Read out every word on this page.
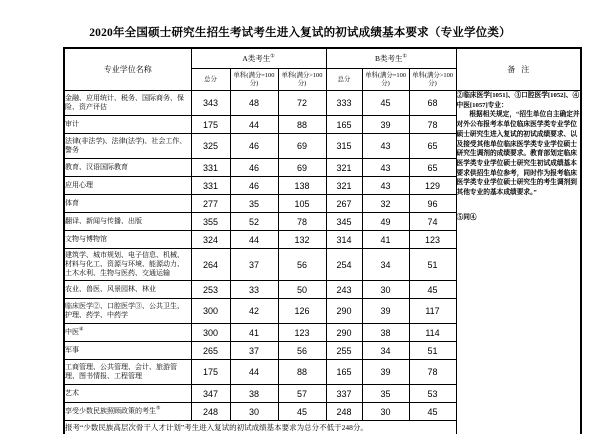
2020年全国硕士研究生招生考试考生进入复试的初试成绩基本要求（专业学位类）
专业学位名称	A类考生①			B类考生①			备注
	总分	单科(满分=100分)	单科(满分>100分)	总分	单科(满分=100分)	单科(满分>100分)	
金融、应用统计、税务、国际商务、保险、资产评估	343	48	72	333	45	68	②临床医学[1051]、③口腔医学[1052]、④中医[1057]专业：

根据相关规定，“招生单位自主确定并对外公布报考本单位临床医学类专业学位硕士研究生进入复试的初试成绩要求、以及接受其他单位临床医学类专业学位硕士研究生调剂的成绩要求。教育部划定临床医学类专业学位硕士研究生初试成绩基本要求供招生单位参考，同时作为报考临床医学类专业学位硕士研究生的考生调剂到其他专业的基本成绩要求。”

⑤同④

审计	175	44	88	165	39	78	
法律(非法学)、法律(法学)、社会工作、警务	325	46	69	315	43	65	
教育、汉语国际教育	331	46	69	321	43	65	
应用心理	331	46	138	321	43	129	
体育	277	35	105	267	32	96	
翻译、新闻与传播、出版	355	52	78	345	49	74	
文物与博物馆	324	44	132	314	41	123	
建筑学、城市规划、电子信息、机械、材料与化工、资源与环境、能源动力、土木水利、生物与医药、交通运输	264	37	56	254	34	51	
农业、兽医、风景园林、林业	253	33	50	243	30	45	
临床医学②、口腔医学③、公共卫生、护理、药学、中药学	300	42	126	290	39	117	
中医④	300	41	123	290	38	114	
军事	265	37	56	255	34	51	
工商管理、公共管理、会计、旅游管理、图书情报、工程管理	175	44	88	165	39	78	
艺术	347	38	57	337	35	53	
享受少数民族照顾政策的考生⑤	248	30	45	248	30	45	
报考“少数民族高层次骨干人才计划”考生进入复试的初试成绩基本要求为总分不低于248分。							
